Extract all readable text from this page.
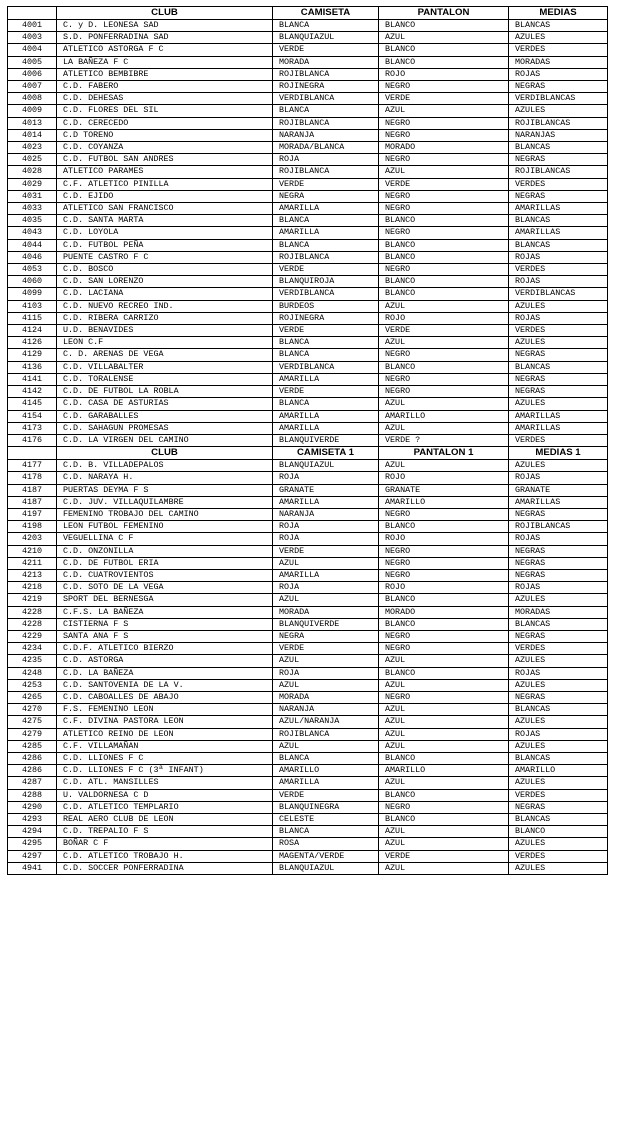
	CLUB	CAMISETA	PANTALON	MEDIAS
4001	C. y D. LEONESA SAD	BLANCA	BLANCO	BLANCAS
4003	S.D. PONFERRADINA SAD	BLANQUIAZUL	AZUL	AZULES
4004	ATLETICO ASTORGA F C	VERDE	BLANCO	VERDES
4005	LA BAÑEZA F C	MORADA	BLANCO	MORADAS
4006	ATLETICO BEMBIBRE	ROJIBLANCA	ROJO	ROJAS
4007	C.D. FABERO	ROJINEGRA	NEGRO	NEGRAS
4008	C.D. DEHESAS	VERDIBLANCA	VERDE	VERDIBLANCAS
4009	C.D. FLORES DEL SIL	BLANCA	AZUL	AZULES
4013	C.D. CERECEDO	ROJIBLANCA	NEGRO	ROJIBLANCAS
4014	C.D TORENO	NARANJA	NEGRO	NARANJAS
4023	C.D. COYANZA	MORADA/BLANCA	MORADO	BLANCAS
4025	C.D. FUTBOL SAN ANDRES	ROJA	NEGRO	NEGRAS
4028	ATLETICO PARAMES	ROJIBLANCA	AZUL	ROJIBLANCAS
4029	C.F. ATLETICO PINILLA	VERDE	VERDE	VERDES
4031	C.D. EJIDO	NEGRA	NEGRO	NEGRAS
4033	ATLETICO SAN FRANCISCO	AMARILLA	NEGRO	AMARILLAS
4035	C.D. SANTA MARTA	BLANCA	BLANCO	BLANCAS
4043	C.D. LOYOLA	AMARILLA	NEGRO	AMARILLAS
4044	C.D. FUTBOL PEÑA	BLANCA	BLANCO	BLANCAS
4046	PUENTE CASTRO F C	ROJIBLANCA	BLANCO	ROJAS
4053	C.D. BOSCO	VERDE	NEGRO	VERDES
4060	C.D. SAN LORENZO	BLANQUIROJA	BLANCO	ROJAS
4099	C.D. LACIANA	VERDIBLANCA	BLANCO	VERDIBLANCAS
4103	C.D. NUEVO RECREO IND.	BURDEOS	AZUL	AZULES
4115	C.D. RIBERA CARRIZO	ROJINEGRA	ROJO	ROJAS
4124	U.D. BENAVIDES	VERDE	VERDE	VERDES
4126	LEON C.F	BLANCA	AZUL	AZULES
4129	C. D. ARENAS DE VEGA	BLANCA	NEGRO	NEGRAS
4136	C.D. VILLABALTER	VERDIBLANCA	BLANCO	BLANCAS
4141	C.D. TORALENSE	AMARILLA	NEGRO	NEGRAS
4142	C.D. DE FUTBOL LA ROBLA	VERDE	NEGRO	NEGRAS
4145	C.D. CASA DE ASTURIAS	BLANCA	AZUL	AZULES
4154	C.D. GARABALLES	AMARILLA	AMARILLO	AMARILLAS
4173	C.D. SAHAGUN PROMESAS	AMARILLA	AZUL	AMARILLAS
4176	C.D. LA VIRGEN DEL CAMINO	BLANQUIVERDE	VERDE ?	VERDES
	CLUB	CAMISETA 1	PANTALON 1	MEDIAS 1
4177	C.D. B. VILLADEPALOS	BLANQUIAZUL	AZUL	AZULES
4178	C.D. NARAYA H.	ROJA	ROJO	ROJAS
4187	PUERTAS DEYMA F S	GRANATE	GRANATE	GRANATE
4187	C.D. JUV. VILLAQUILAMBRE	AMARILLA	AMARILLO	AMARILLAS
4197	FEMENINO TROBAJO DEL CAMINO	NARANJA	NEGRO	NEGRAS
4198	LEON FUTBOL FEMENINO	ROJA	BLANCO	ROJIBLANCAS
4203	VEGUELLINA C F	ROJA	ROJO	ROJAS
4210	C.D. ONZONILLA	VERDE	NEGRO	NEGRAS
4211	C.D. DE FUTBOL ERIA	AZUL	NEGRO	NEGRAS
4213	C.D. CUATROVIENTOS	AMARILLA	NEGRO	NEGRAS
4218	C.D. SOTO DE LA VEGA	ROJA	ROJO	ROJAS
4219	SPORT DEL BERNESGA	AZUL	BLANCO	AZULES
4228	C.F.S. LA BAÑEZA	MORADA	MORADO	MORADAS
4228	CISTIERNA F S	BLANQUIVERDE	BLANCO	BLANCAS
4229	SANTA ANA F S	NEGRA	NEGRO	NEGRAS
4234	C.D.F. ATLETICO BIERZO	VERDE	NEGRO	VERDES
4235	C.D. ASTORGA	AZUL	AZUL	AZULES
4248	C.D. LA BAÑEZA	ROJA	BLANCO	ROJAS
4253	C.D. SANTOVENIA DE LA V.	AZUL	AZUL	AZULES
4265	C.D. CABOALLES DE ABAJO	MORADA	NEGRO	NEGRAS
4270	F.S. FEMENINO LEON	NARANJA	AZUL	BLANCAS
4275	C.F. DIVINA PASTORA LEON	AZUL/NARANJA	AZUL	AZULES
4279	ATLETICO REINO DE LEON	ROJIBLANCA	AZUL	ROJAS
4285	C.F. VILLAMAÑAN	AZUL	AZUL	AZULES
4286	C.D. LLIONES F C	BLANCA	BLANCO	BLANCAS
4286	C.D. LLIONES F C (3ª INFANT)	AMARILLO	AMARILLO	AMARILLO
4287	C.D. ATL. MANSILLES	AMARILLA	AZUL	AZULES
4288	U. VALDORNESA C D	VERDE	BLANCO	VERDES
4290	C.D. ATLETICO TEMPLARIO	BLANQUINEGRA	NEGRO	NEGRAS
4293	REAL AERO CLUB DE LEON	CELESTE	BLANCO	BLANCAS
4294	C.D. TREPALIO F S	BLANCA	AZUL	BLANCO
4295	BOÑAR C F	ROSA	AZUL	AZULES
4297	C.D. ATLETICO TROBAJO H.	MAGENTA/VERDE	VERDE	VERDES
4941	C.D. SOCCER PONFERRADINA	BLANQUIAZUL	AZUL	AZULES
